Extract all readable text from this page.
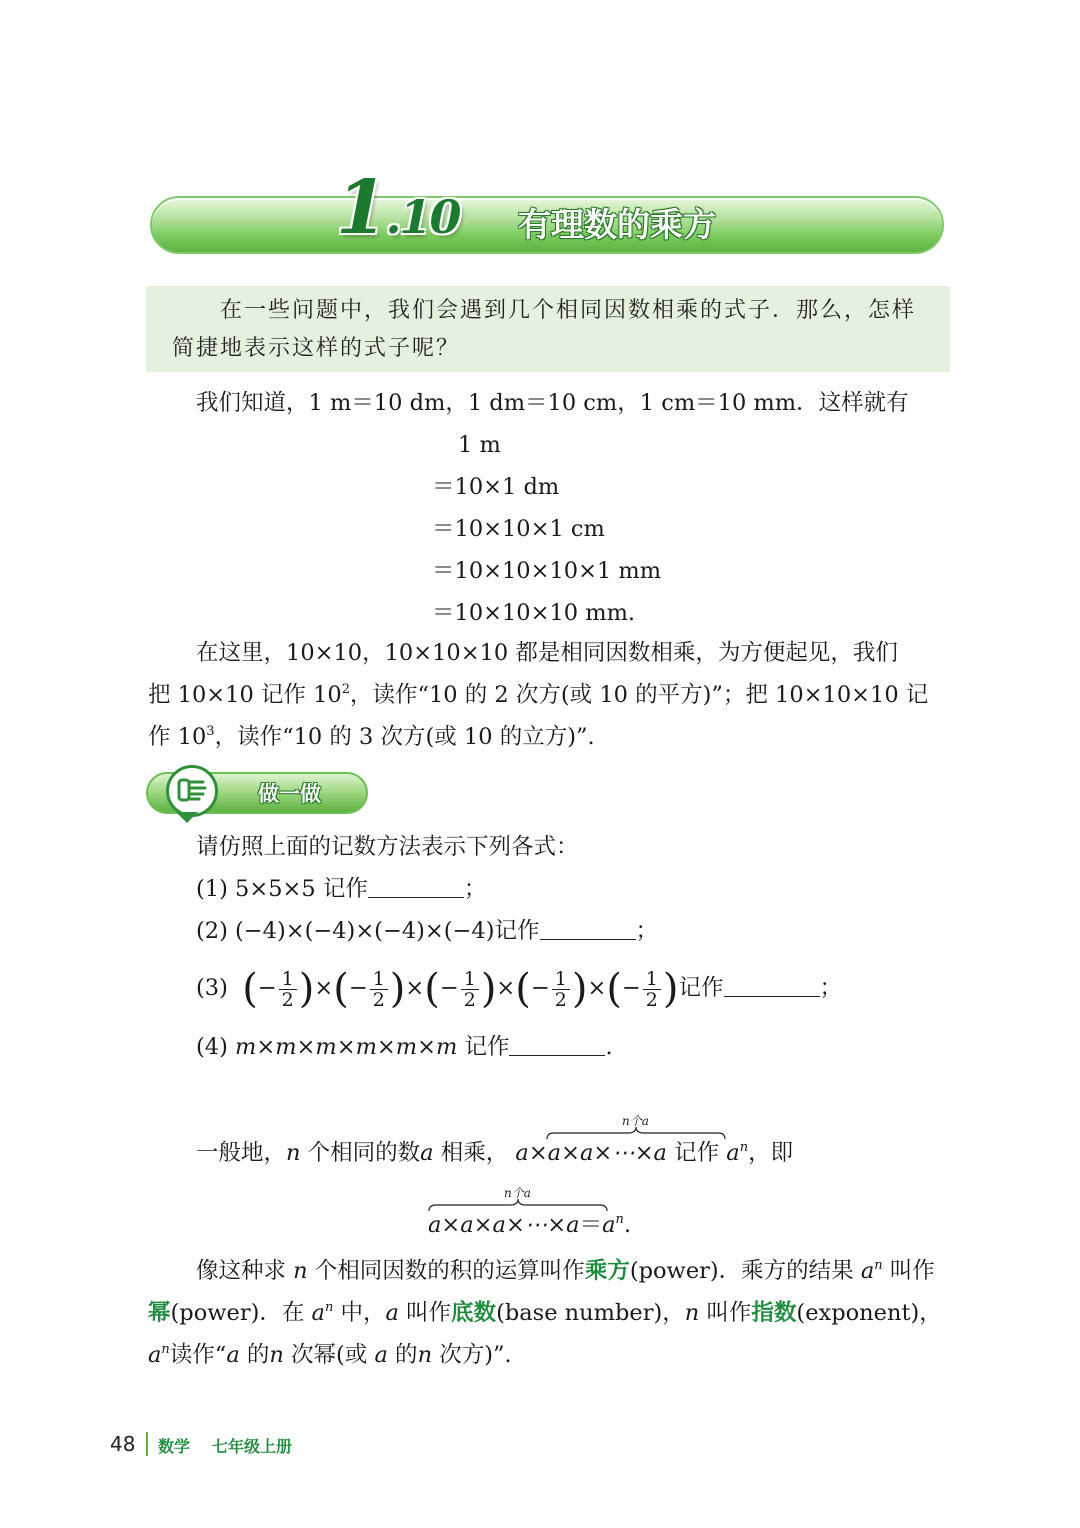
1.10 有理数的乘方
在一些问题中，我们会遇到几个相同因数相乘的式子．那么，怎样
简捷地表示这样的式子呢？
我们知道，1 m＝10 dm，1 dm＝10 cm，1 cm＝10 mm．这样就有
1 m
＝10×1 dm
＝10×10×1 cm
＝10×10×10×1 mm
＝10×10×10 mm.
在这里，10×10，10×10×10 都是相同因数相乘，为方便起见，我们
把 10×10 记作 $10^2$，读作“10 的 2 次方(或 10 的平方)”；把 10×10×10 记
作 $10^3$，读作“10 的 3 次方(或 10 的立方)”.
做一做
请仿照上面的记数方法表示下列各式：
(1) 5×5×5 记作	；
(2) (−4)×(−4)×(−4)×(−4)记作	；
(3) (− $\frac{1}{2}$ )×(− $\frac{1}{2}$ )×(− $\frac{1}{2}$ )×(− $\frac{1}{2}$ )×(− $\frac{1}{2}$ )记作	；
(4) m×m×m×m×m×m 记作	.
n个a
一般地，n 个相同的数a 相乘， a×a×a×⋯×a 记作 $a^n$，即
n个a
$a\times a\times a\times\cdots\times a=a^n$.
像这种求 n 个相同因数的积的运算叫作乘方(power)．乘方的结果 $a^n$ 叫作
幂(power)．在 $a^n$ 中，a 叫作底数(base number)，n 叫作指数(exponent)，
$a^n$读作“a 的n 次幂(或 a 的n 次方)”.
48 数学 七年级上册
